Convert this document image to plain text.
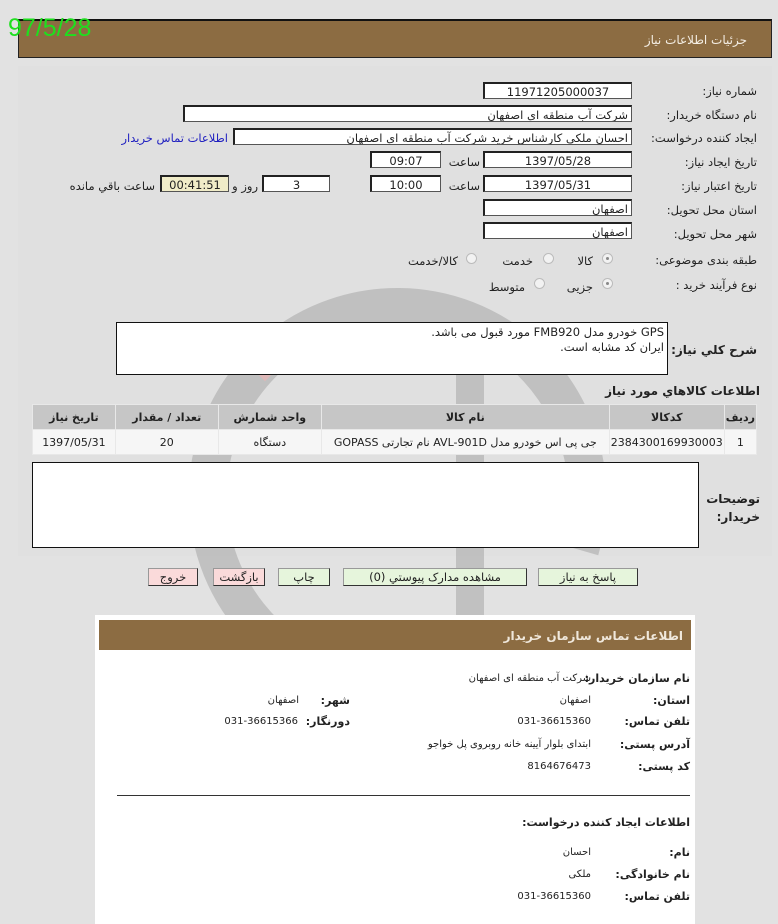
جزئیات اطلاعات نیاز
97/5/28
شماره نیاز:
11971205000037
نام دستگاه خریدار:
شرکت آب منطقه ای اصفهان
ایجاد کننده درخواست:
احسان ملکی کارشناس خرید شرکت آب منطقه ای اصفهان
اطلاعات تماس خریدار
تاریخ ایجاد نیاز:
1397/05/28
ساعت
09:07
تاریخ اعتبار نیاز:
1397/05/31
ساعت
10:00
3
روز و
00:41:51
ساعت باقي مانده
استان محل تحویل:
اصفهان
شهر محل تحویل:
اصفهان
طبقه بندی موضوعی:
کالا
خدمت
کالا/خدمت
نوع فرآیند خرید :
جزیی
متوسط
شرح كلي نياز:
GPS خودرو مدل FMB920 مورد قبول می باشد.
ایران کد مشابه است.
اطلاعات كالاهاي مورد نياز
ردیف	کدکالا	نام کالا	واحد شمارش	تعداد / مقدار	تاریخ نیاز
1	2384300169930003	جی پی اس خودرو مدل AVL-901D نام تجارتی GOPASS	دستگاه	20	1397/05/31
توضيحات خريدار:
پاسخ به نیاز
مشاهده مدارک پیوستي (0)
چاپ
بازگشت
خروج
اطلاعات تماس سازمان خریدار
نام سازمان خریدار:
شرکت آب منطقه ای اصفهان
استان:
اصفهان
شهر:
اصفهان
تلفن تماس:
031-36615360
دورنگار:
031-36615366
آدرس پستی:
ابتدای بلوار آیینه خانه روبروی پل خواجو
کد پستی:
8164676473
اطلاعات ایجاد کننده درخواست:
نام:
احسان
نام خانوادگی:
ملکی
تلفن تماس:
031-36615360
